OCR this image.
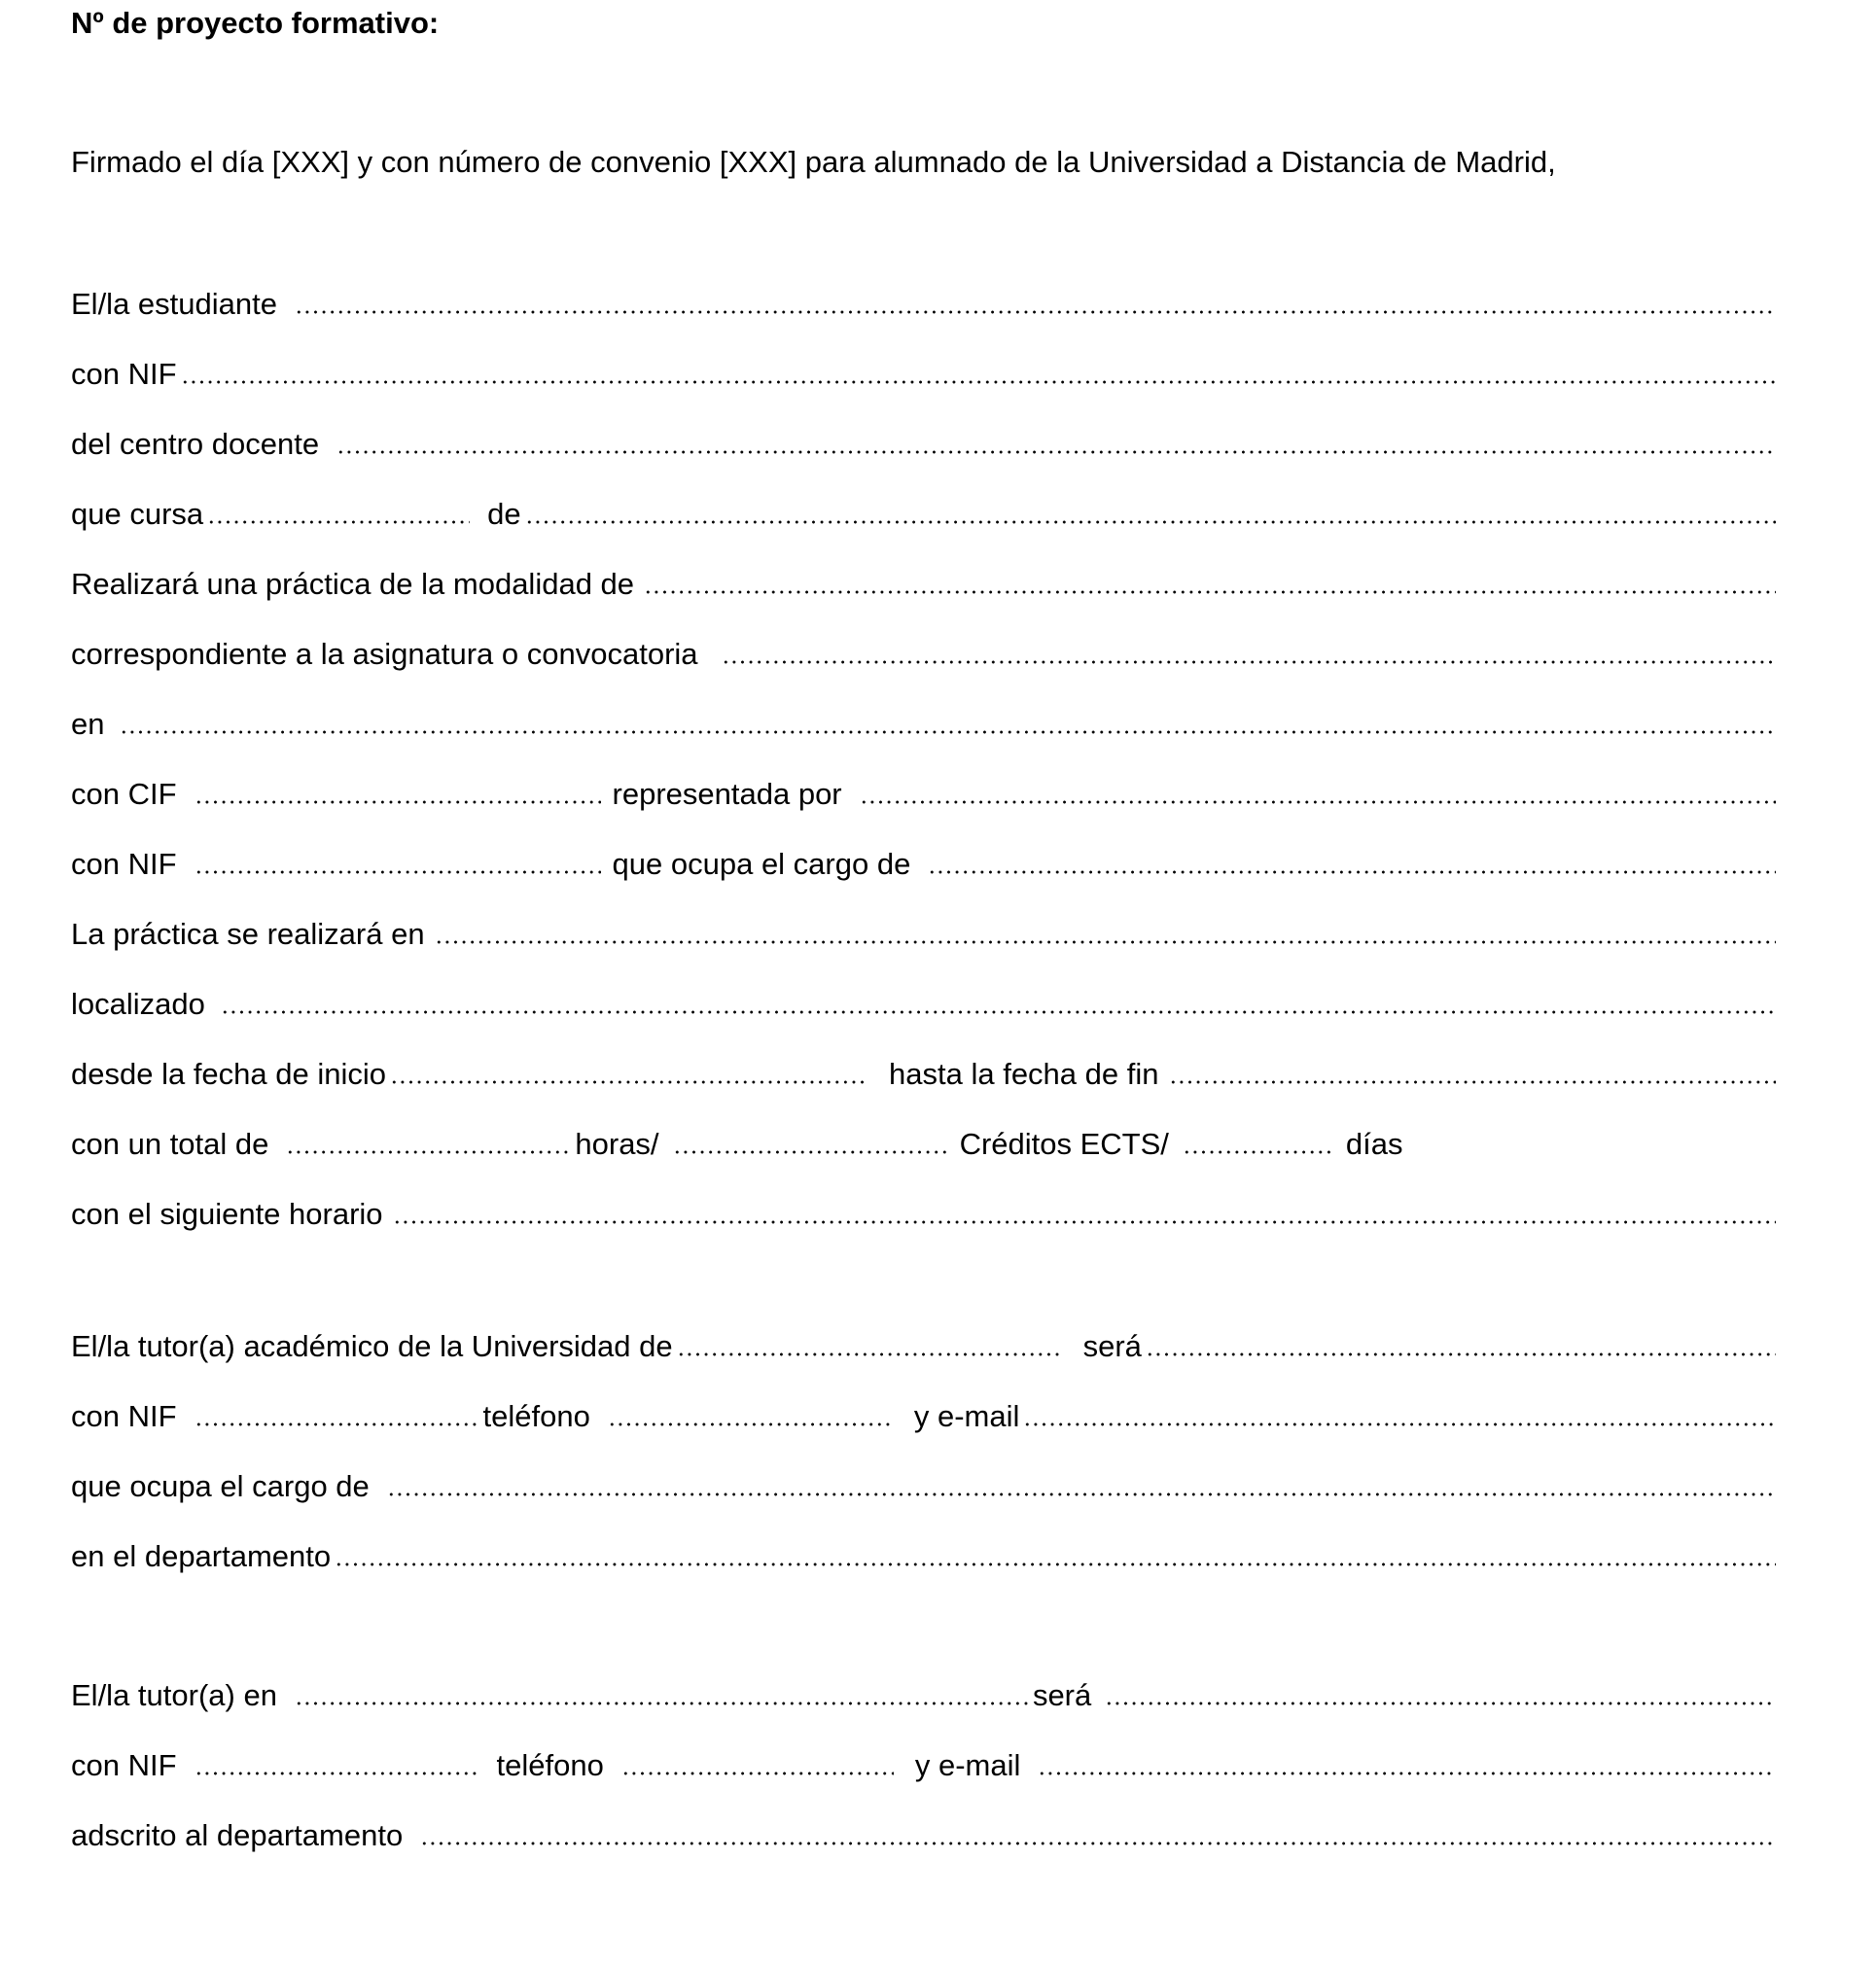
Nº de proyecto formativo:
Firmado el día [XXX] y con número de convenio [XXX] para alumnado de la Universidad a Distancia de Madrid,
El/la estudiante
con NIF
del centro docente
que cursa	de
Realizará una práctica de la modalidad de
correspondiente a la asignatura o convocatoria
en
con CIF	representada por
con NIF	que ocupa el cargo de
La práctica se realizará en
localizado
desde la fecha de inicio	hasta la fecha de fin
con un total de	horas/	Créditos ECTS/	días
con el siguiente horario
El/la tutor(a) académico de la Universidad de	será
con NIF	teléfono	y e-mail
que ocupa el cargo de
en el departamento
El/la tutor(a) en	será
con NIF	teléfono	y e-mail
adscrito al departamento
